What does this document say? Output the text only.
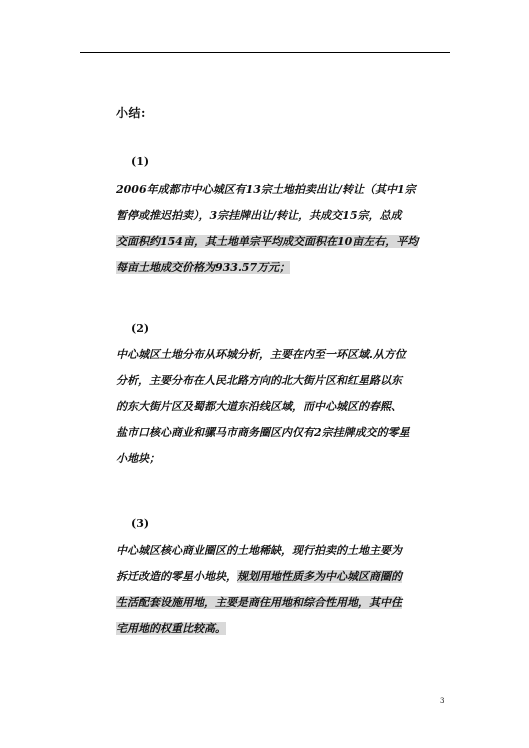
小结:
(1)
2006年成都市中心城区有13宗土地拍卖出让/转让（其中1宗
暂停或推迟拍卖），3宗挂牌出让/转让，共成交15宗，总成
交面积约154亩，其土地单宗平均成交面积在10亩左右，平均
每亩土地成交价格为933.57万元；
(2)
中心城区土地分布从环城分析，主要在内至一环区域.从方位
分析，主要分布在人民北路方向的北大街片区和红星路以东
的东大街片区及蜀都大道东沿线区域，而中心城区的春熙、
盐市口核心商业和骡马市商务圈区内仅有2宗挂牌成交的零星
小地块；
(3)
中心城区核心商业圈区的土地稀缺，现行拍卖的土地主要为
拆迁改造的零星小地块，规划用地性质多为中心城区商圈的
生活配套设施用地，主要是商住用地和综合性用地，其中住
宅用地的权重比较高。
3
